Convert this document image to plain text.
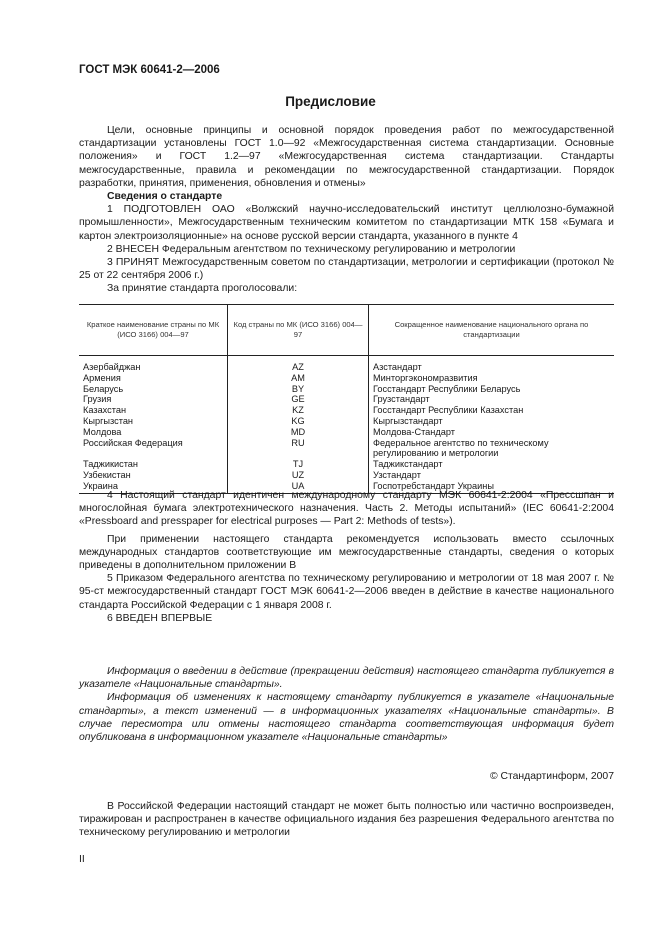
ГОСТ МЭК 60641-2—2006
Предисловие

Цели, основные принципы и основной порядок проведения работ по межгосударственной стандартизации установлены ГОСТ 1.0—92 «Межгосударственная система стандартизации. Основные положения» и ГОСТ 1.2—97 «Межгосударственная система стандартизации. Стандарты межгосударственные, правила и рекомендации по межгосударственной стандартизации. Порядок разработки, принятия, применения, обновления и отмены»

Сведения о стандарте

1 ПОДГОТОВЛЕН ОАО «Волжский научно-исследовательский институт целлюлозно-бумажной промышленности», Межгосударственным техническим комитетом по стандартизации МТК 158 «Бумага и картон электроизоляционные» на основе русской версии стандарта, указанного в пункте 4

2 ВНЕСЕН Федеральным агентством по техническому регулированию и метрологии

3 ПРИНЯТ Межгосударственным советом по стандартизации, метрологии и сертификации (протокол № 25 от 22 сентября 2006 г.)

За принятие стандарта проголосовали:

Краткое наименование страны по МК (ИСО 3166) 004—97	Код страны по МК (ИСО 3166) 004—97	Сокращенное наименование национального органа по стандартизации
Азербайджан	AZ	Азстандарт
Армения	AM	Минторгэкономразвития
Беларусь	BY	Госстандарт Республики Беларусь
Грузия	GE	Грузстандарт
Казахстан	KZ	Госстандарт Республики Казахстан
Кыргызстан	KG	Кыргызстандарт
Молдова	MD	Молдова-Стандарт
Российская Федерация	RU	Федеральное агентство по техническому регулированию и метрологии
Таджикистан	TJ	Таджикстандарт
Узбекистан	UZ	Узстандарт
Украина	UA	Госпотребстандарт Украины

4 Настоящий стандарт идентичен международному стандарту МЭК 60641-2:2004 «Прессшпан и многослойная бумага электротехнического назначения. Часть 2. Методы испытаний» (IEC 60641-2:2004 «Pressboard and presspaper for electrical purposes — Part 2: Methods of tests»).

При применении настоящего стандарта рекомендуется использовать вместо ссылочных международных стандартов соответствующие им межгосударственные стандарты, сведения о которых приведены в дополнительном приложении В

5 Приказом Федерального агентства по техническому регулированию и метрологии от 18 мая 2007 г. № 95-ст межгосударственный стандарт ГОСТ МЭК 60641-2—2006 введен в действие в качестве национального стандарта Российской Федерации с 1 января 2008 г.

6 ВВЕДЕН ВПЕРВЫЕ

Информация о введении в действие (прекращении действия) настоящего стандарта публикуется в указателе «Национальные стандарты».

Информация об изменениях к настоящему стандарту публикуется в указателе «Национальные стандарты», а текст изменений — в информационных указателях «Национальные стандарты». В случае пересмотра или отмены настоящего стандарта соответствующая информация будет опубликована в информационном указателе «Национальные стандарты»

© Стандартинформ, 2007

В Российской Федерации настоящий стандарт не может быть полностью или частично воспроизведен, тиражирован и распространен в качестве официального издания без разрешения Федерального агентства по техническому регулированию и метрологии

II
